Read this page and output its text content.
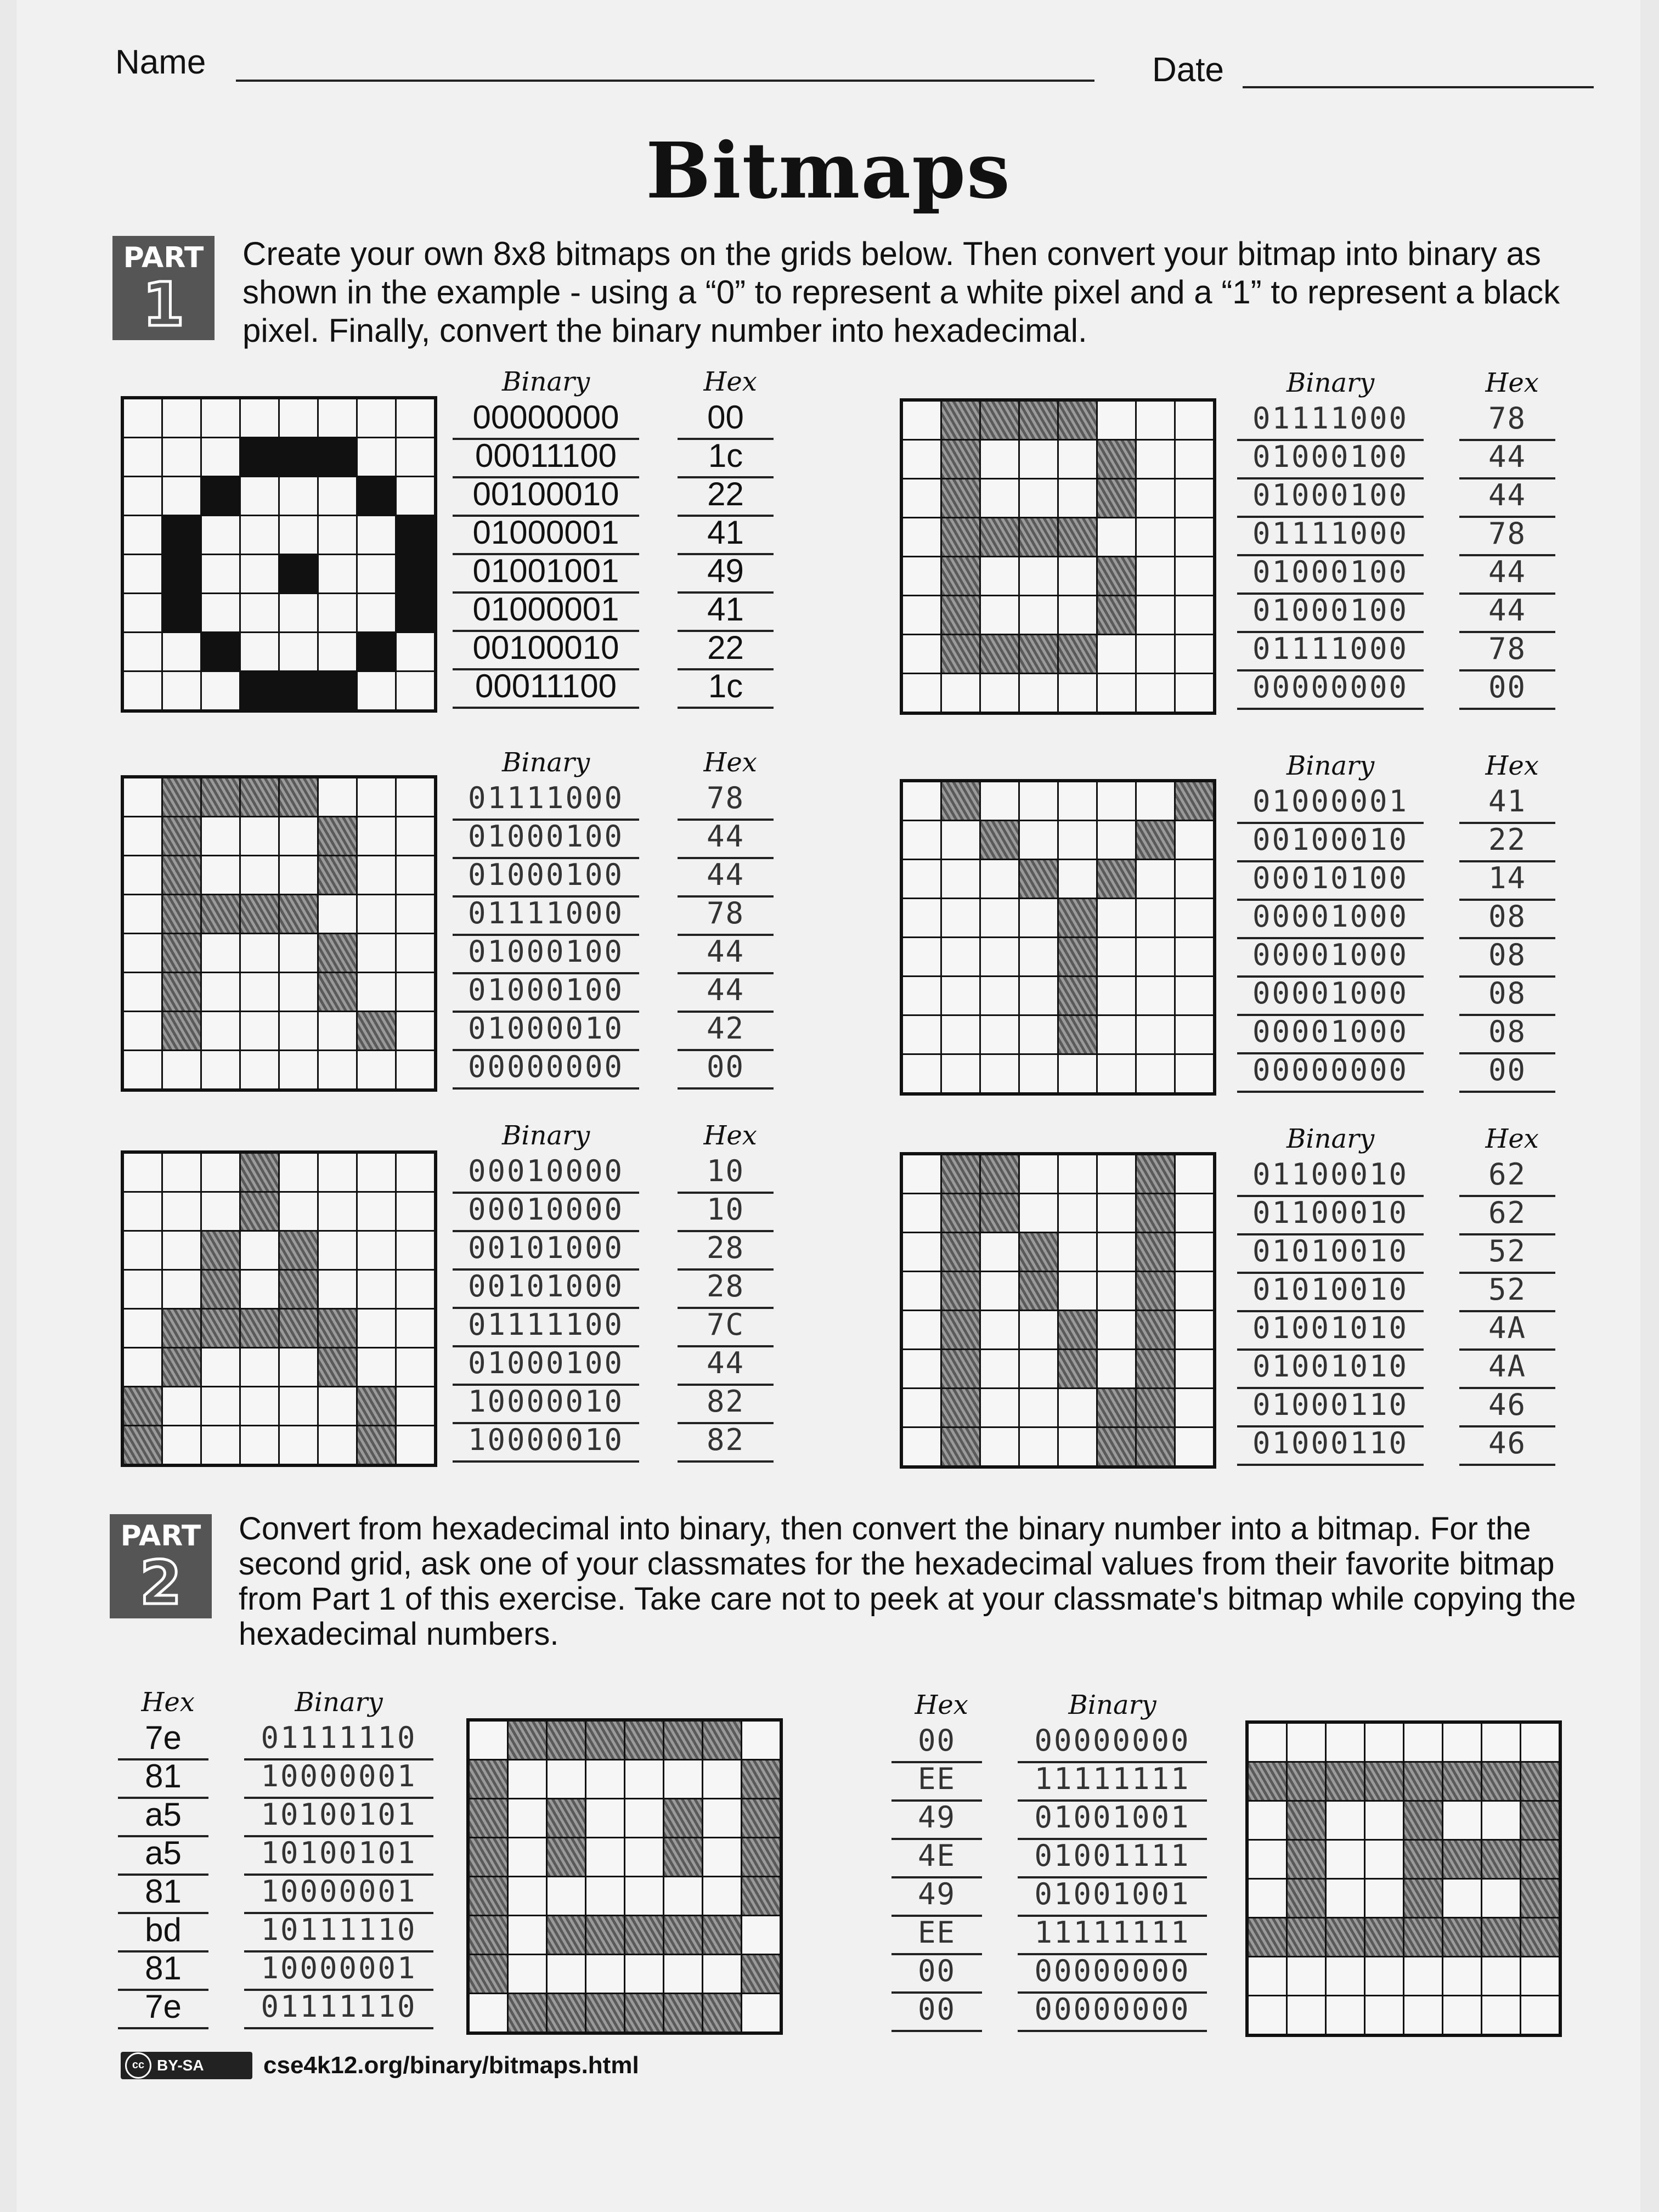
Name	Date
Bitmaps
PART
1
Create your own 8x8 bitmaps on the grids below. Then convert your bitmap into binary as shown in the example - using a “0” to represent a white pixel and a “1” to represent a black pixel. Finally, convert the binary number into hexadecimal.
Binary
00000000
00011100
00100010
01000001
01001001
01000001
00100010
00011100
Hex
00
1c
22
41
49
41
22
1c
Binary
01111000
01000100
01000100
01111000
01000100
01000100
01111000
00000000
Hex
78
44
44
78
44
44
78
00
Binary
01111000
01000100
01000100
01111000
01000100
01000100
01000010
00000000
Hex
78
44
44
78
44
44
42
00
Binary
01000001
00100010
00010100
00001000
00001000
00001000
00001000
00000000
Hex
41
22
14
08
08
08
08
00
Binary
00010000
00010000
00101000
00101000
01111100
01000100
10000010
10000010
Hex
10
10
28
28
7C
44
82
82
Binary
01100010
01100010
01010010
01010010
01001010
01001010
01000110
01000110
Hex
62
62
52
52
4A
4A
46
46
PART
2
Convert from hexadecimal into binary, then convert the binary number into a bitmap. For the second grid, ask one of your classmates for the hexadecimal values from their favorite bitmap from Part 1 of this exercise. Take care not to peek at your classmate's bitmap while copying the hexadecimal numbers.
Hex
7e
81
a5
a5
81
bd
81
7e
Binary
01111110
10000001
10100101
10100101
10000001
10111110
10000001
01111110
Hex
00
EE
49
4E
49
EE
00
00
Binary
00000000
11111111
01001001
01001111
01001001
11111111
00000000
00000000
cc BY-SA	cse4k12.org/binary/bitmaps.html
